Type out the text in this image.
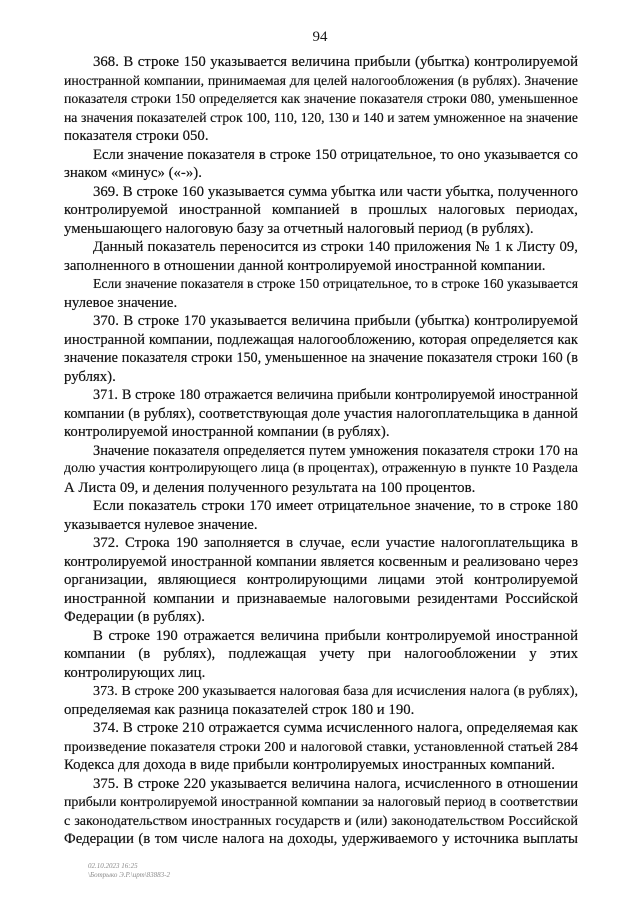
94
368. В строке 150 указывается величина прибыли (убытка) контролируемой
иностранной компании, принимаемая для целей налогообложения (в рублях). Значение
показателя строки 150 определяется как значение показателя строки 080, уменьшенное
на значения показателей строк 100, 110, 120, 130 и 140 и затем умноженное на значение
показателя строки 050.
Если значение показателя в строке 150 отрицательное, то оно указывается со
знаком «минус» («-»).
369. В строке 160 указывается сумма убытка или части убытка, полученного
контролируемой иностранной компанией в прошлых налоговых периодах,
уменьшающего налоговую базу за отчетный налоговый период (в рублях).
Данный показатель переносится из строки 140 приложения № 1 к Листу 09,
заполненного в отношении данной контролируемой иностранной компании.
Если значение показателя в строке 150 отрицательное, то в строке 160 указывается
нулевое значение.
370. В строке 170 указывается величина прибыли (убытка) контролируемой
иностранной компании, подлежащая налогообложению, которая определяется как
значение показателя строки 150, уменьшенное на значение показателя строки 160 (в
рублях).
371. В строке 180 отражается величина прибыли контролируемой иностранной
компании (в рублях), соответствующая доле участия налогоплательщика в данной
контролируемой иностранной компании (в рублях).
Значение показателя определяется путем умножения показателя строки 170 на
долю участия контролирующего лица (в процентах), отраженную в пункте 10 Раздела
А Листа 09, и деления полученного результата на 100 процентов.
Если показатель строки 170 имеет отрицательное значение, то в строке 180
указывается нулевое значение.
372. Строка 190 заполняется в случае, если участие налогоплательщика в
контролируемой иностранной компании является косвенным и реализовано через
организации, являющиеся контролирующими лицами этой контролируемой
иностранной компании и признаваемые налоговыми резидентами Российской
Федерации (в рублях).
В строке 190 отражается величина прибыли контролируемой иностранной
компании (в рублях), подлежащая учету при налогообложении у этих
контролирующих лиц.
373. В строке 200 указывается налоговая база для исчисления налога (в рублях),
определяемая как разница показателей строк 180 и 190.
374. В строке 210 отражается сумма исчисленного налога, определяемая как
произведение показателя строки 200 и налоговой ставки, установленной статьей 284
Кодекса для дохода в виде прибыли контролируемых иностранных компаний.
375. В строке 220 указывается величина налога, исчисленного в отношении
прибыли контролируемой иностранной компании за налоговый период в соответствии
с законодательством иностранных государств и (или) законодательством Российской
Федерации (в том числе налога на доходы, удерживаемого у источника выплаты
02.10.2023 16:25
\Ботрыко Э.Р.\ирт\83883-2
